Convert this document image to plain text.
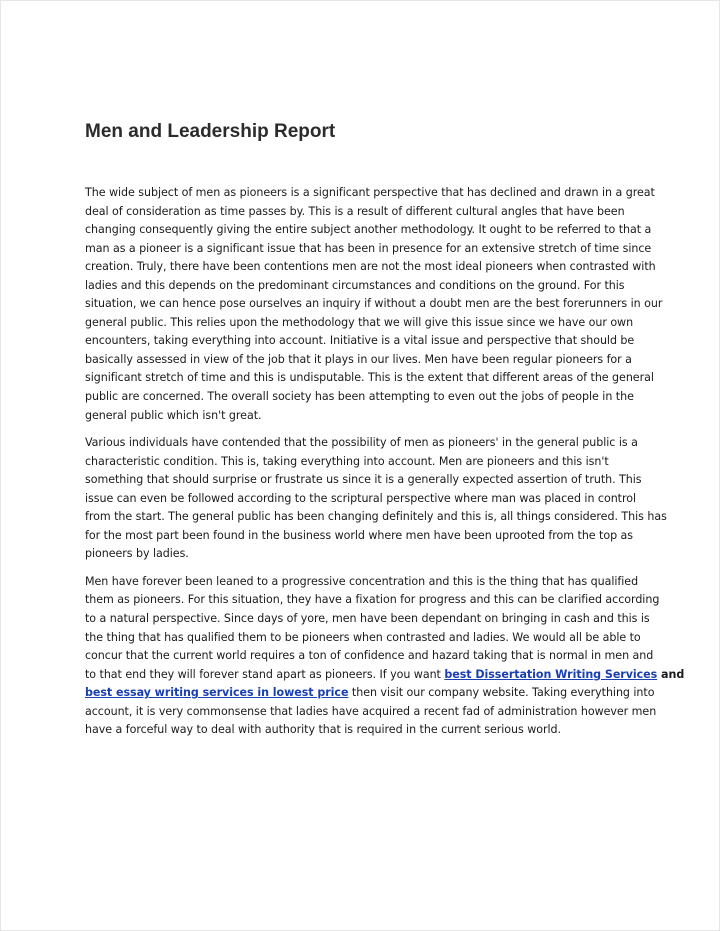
Men and Leadership Report

The wide subject of men as pioneers is a significant perspective that has declined and drawn in a great
deal of consideration as time passes by. This is a result of different cultural angles that have been
changing consequently giving the entire subject another methodology. It ought to be referred to that a
man as a pioneer is a significant issue that has been in presence for an extensive stretch of time since
creation. Truly, there have been contentions men are not the most ideal pioneers when contrasted with
ladies and this depends on the predominant circumstances and conditions on the ground. For this
situation, we can hence pose ourselves an inquiry if without a doubt men are the best forerunners in our
general public. This relies upon the methodology that we will give this issue since we have our own
encounters, taking everything into account. Initiative is a vital issue and perspective that should be
basically assessed in view of the job that it plays in our lives. Men have been regular pioneers for a
significant stretch of time and this is undisputable. This is the extent that different areas of the general
public are concerned. The overall society has been attempting to even out the jobs of people in the
general public which isn't great.

Various individuals have contended that the possibility of men as pioneers' in the general public is a
characteristic condition. This is, taking everything into account. Men are pioneers and this isn't
something that should surprise or frustrate us since it is a generally expected assertion of truth. This
issue can even be followed according to the scriptural perspective where man was placed in control
from the start. The general public has been changing definitely and this is, all things considered. This has
for the most part been found in the business world where men have been uprooted from the top as
pioneers by ladies.

Men have forever been leaned to a progressive concentration and this is the thing that has qualified
them as pioneers. For this situation, they have a fixation for progress and this can be clarified according
to a natural perspective. Since days of yore, men have been dependant on bringing in cash and this is
the thing that has qualified them to be pioneers when contrasted and ladies. We would all be able to
concur that the current world requires a ton of confidence and hazard taking that is normal in men and
to that end they will forever stand apart as pioneers. If you want best Dissertation Writing Services and
best essay writing services in lowest price then visit our company website. Taking everything into
account, it is very commonsense that ladies have acquired a recent fad of administration however men
have a forceful way to deal with authority that is required in the current serious world.
